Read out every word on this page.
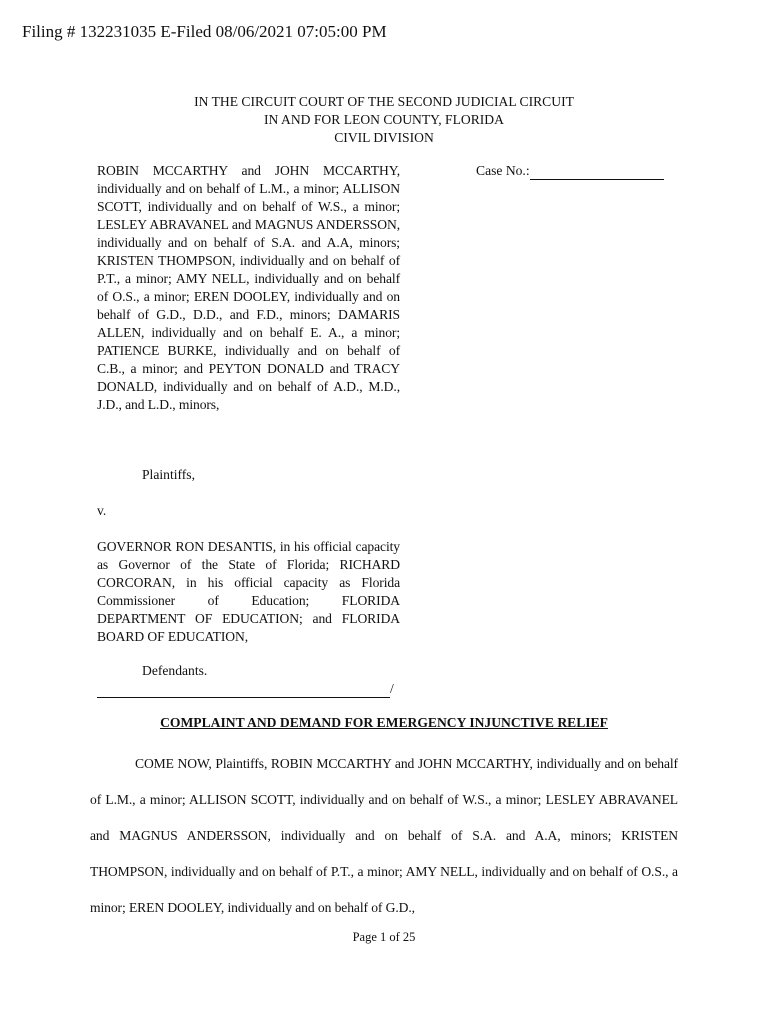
Filing # 132231035 E-Filed 08/06/2021 07:05:00 PM
IN THE CIRCUIT COURT OF THE SECOND JUDICIAL CIRCUIT
IN AND FOR LEON COUNTY, FLORIDA
CIVIL DIVISION
ROBIN MCCARTHY and JOHN MCCARTHY, individually and on behalf of L.M., a minor; ALLISON SCOTT, individually and on behalf of W.S., a minor; LESLEY ABRAVANEL and MAGNUS ANDERSSON, individually and on behalf of S.A. and A.A, minors; KRISTEN THOMPSON, individually and on behalf of P.T., a minor; AMY NELL, individually and on behalf of O.S., a minor; EREN DOOLEY, individually and on behalf of G.D., D.D., and F.D., minors; DAMARIS ALLEN, individually and on behalf E. A., a minor; PATIENCE BURKE, individually and on behalf of C.B., a minor; and PEYTON DONALD and TRACY DONALD, individually and on behalf of A.D., M.D., J.D., and L.D., minors,
Case No.:
Plaintiffs,
v.
GOVERNOR RON DESANTIS, in his official capacity as Governor of the State of Florida; RICHARD CORCORAN, in his official capacity as Florida Commissioner of Education; FLORIDA DEPARTMENT OF EDUCATION; and FLORIDA BOARD OF EDUCATION,
Defendants.
/
COMPLAINT AND DEMAND FOR EMERGENCY INJUNCTIVE RELIEF
COME NOW, Plaintiffs, ROBIN MCCARTHY and JOHN MCCARTHY, individually and on behalf of L.M., a minor; ALLISON SCOTT, individually and on behalf of W.S., a minor; LESLEY ABRAVANEL and MAGNUS ANDERSSON, individually and on behalf of S.A. and A.A, minors; KRISTEN THOMPSON, individually and on behalf of P.T., a minor; AMY NELL, individually and on behalf of O.S., a minor; EREN DOOLEY, individually and on behalf of G.D.,
Page 1 of 25
